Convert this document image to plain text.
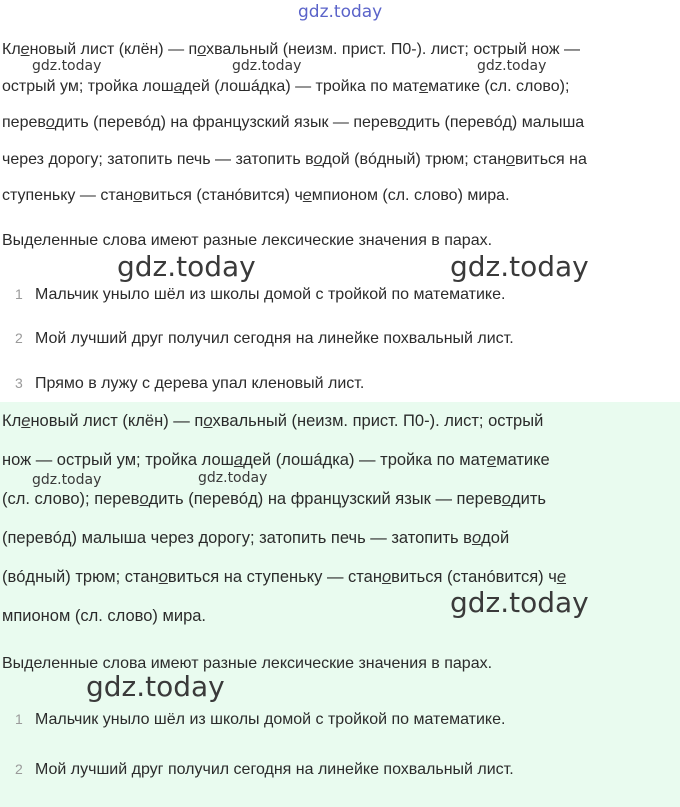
gdz.today
gdz.today	gdz.today	gdz.today
gdz.today	gdz.today
gdz.today	gdz.today
gdz.today
gdz.today
Кленовый лист (клён) — похвальный (неизм. прист. П0-). лист; острый нож —
острый ум; тройка лошадей (лошáдка) — тройка по математике (сл. слово);
переводить (перевóд) на французский язык — переводить (перевóд) малыша
через дорогу; затопить печь — затопить водой (вóдный) трюм; становиться на
ступеньку — становиться (станóвится) чемпионом (сл. слово) мира.
Выделенные слова имеют разные лексические значения в парах.
1 Мальчик уныло шёл из школы домой с тройкой по математике.
2 Мой лучший друг получил сегодня на линейке похвальный лист.
3 Прямо в лужу с дерева упал кленовый лист.
Кленовый лист (клён) — похвальный (неизм. прист. П0-). лист; острый
нож — острый ум; тройка лошадей (лошáдка) — тройка по математике
(сл. слово); переводить (перевóд) на французский язык — переводить
(перевóд) малыша через дорогу; затопить печь — затопить водой
(вóдный) трюм; становиться на ступеньку — становиться (станóвится) че
мпионом (сл. слово) мира.
Выделенные слова имеют разные лексические значения в парах.
1 Мальчик уныло шёл из школы домой с тройкой по математике.
2 Мой лучший друг получил сегодня на линейке похвальный лист.
